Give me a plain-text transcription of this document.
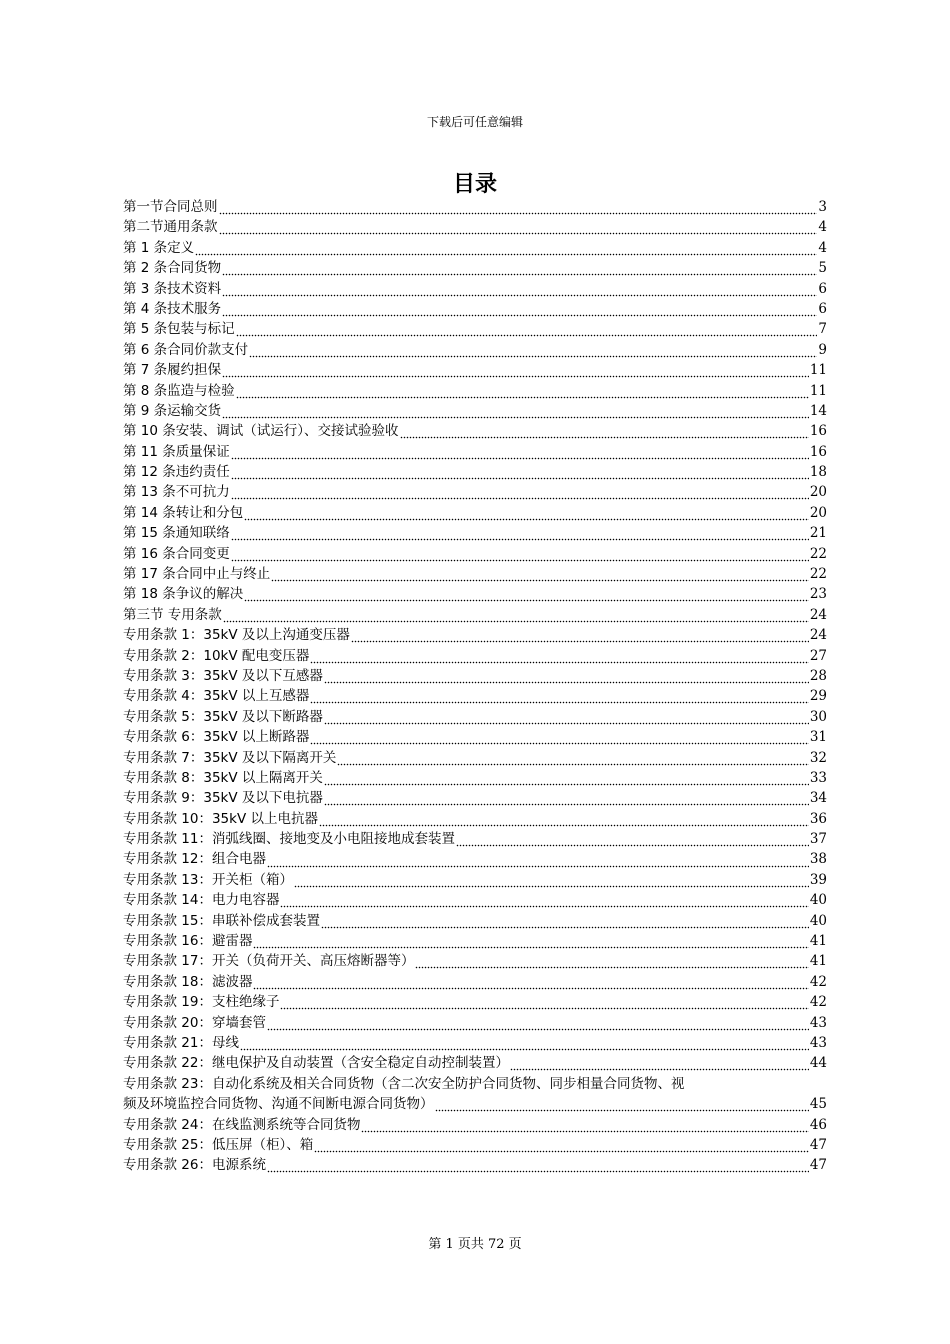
下载后可任意编辑
目录
第一节合同总则	3
第二节通用条款	4
第 1 条定义	4
第 2 条合同货物	5
第 3 条技术资料	6
第 4 条技术服务	6
第 5 条包装与标记	7
第 6 条合同价款支付	9
第 7 条履约担保	11
第 8 条监造与检验	11
第 9 条运输交货	14
第 10 条安装、调试（试运行）、交接试验验收	16
第 11 条质量保证	16
第 12 条违约责任	18
第 13 条不可抗力	20
第 14 条转让和分包	20
第 15 条通知联络	21
第 16 条合同变更	22
第 17 条合同中止与终止	22
第 18 条争议的解决	23
第三节 专用条款	24
专用条款 1：35kV 及以上沟通变压器	24
专用条款 2：10kV 配电变压器	27
专用条款 3：35kV 及以下互感器	28
专用条款 4：35kV 以上互感器	29
专用条款 5：35kV 及以下断路器	30
专用条款 6：35kV 以上断路器	31
专用条款 7：35kV 及以下隔离开关	32
专用条款 8：35kV 以上隔离开关	33
专用条款 9：35kV 及以下电抗器	34
专用条款 10：35kV 以上电抗器	36
专用条款 11：消弧线圈、接地变及小电阻接地成套装置	37
专用条款 12：组合电器	38
专用条款 13：开关柜（箱）	39
专用条款 14：电力电容器	40
专用条款 15：串联补偿成套装置	40
专用条款 16：避雷器	41
专用条款 17：开关（负荷开关、高压熔断器等）	41
专用条款 18：滤波器	42
专用条款 19：支柱绝缘子	42
专用条款 20：穿墙套管	43
专用条款 21：母线	43
专用条款 22：继电保护及自动装置（含安全稳定自动控制装置）	44
专用条款 23：自动化系统及相关合同货物（含二次安全防护合同货物、同步相量合同货物、视
频及环境监控合同货物、沟通不间断电源合同货物）	45
专用条款 24：在线监测系统等合同货物	46
专用条款 25：低压屏（柜）、箱	47
专用条款 26：电源系统	47
第 1 页共 72 页
